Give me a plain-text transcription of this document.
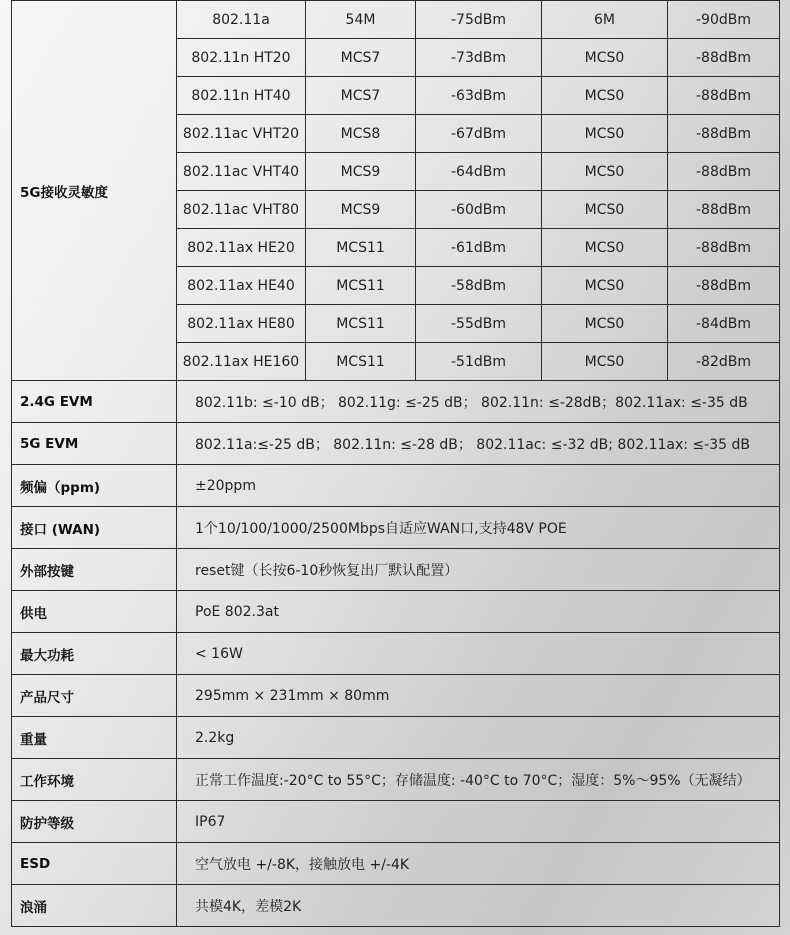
5G接收灵敏度	802.11a	54M	-75dBm	6M	-90dBm
	802.11n HT20	MCS7	-73dBm	MCS0	-88dBm
	802.11n HT40	MCS7	-63dBm	MCS0	-88dBm
	802.11ac VHT20	MCS8	-67dBm	MCS0	-88dBm
	802.11ac VHT40	MCS9	-64dBm	MCS0	-88dBm
	802.11ac VHT80	MCS9	-60dBm	MCS0	-88dBm
	802.11ax HE20	MCS11	-61dBm	MCS0	-88dBm
	802.11ax HE40	MCS11	-58dBm	MCS0	-88dBm
	802.11ax HE80	MCS11	-55dBm	MCS0	-84dBm
	802.11ax HE160	MCS11	-51dBm	MCS0	-82dBm
2.4G EVM	802.11b: ≤-10 dB； 802.11g: ≤-25 dB； 802.11n: ≤-28dB；802.11ax: ≤-35 dB				
5G EVM	802.11a:≤-25 dB； 802.11n: ≤-28 dB； 802.11ac: ≤-32 dB; 802.11ax: ≤-35 dB				
频偏（ppm)	±20ppm				
接口 (WAN)	1个10/100/1000/2500Mbps自适应WAN口,支持48V POE				
外部按键	reset键（长按6-10秒恢复出厂默认配置）				
供电	PoE 802.3at				
最大功耗	< 16W				
产品尺寸	295mm × 231mm × 80mm				
重量	2.2kg				
工作环境	正常工作温度:-20°C to 55°C；存储温度: -40°C to 70°C；湿度：5%～95%（无凝结）				
防护等级	IP67				
ESD	空气放电 +/-8K，接触放电 +/-4K				
浪涌	共模4K，差模2K				
